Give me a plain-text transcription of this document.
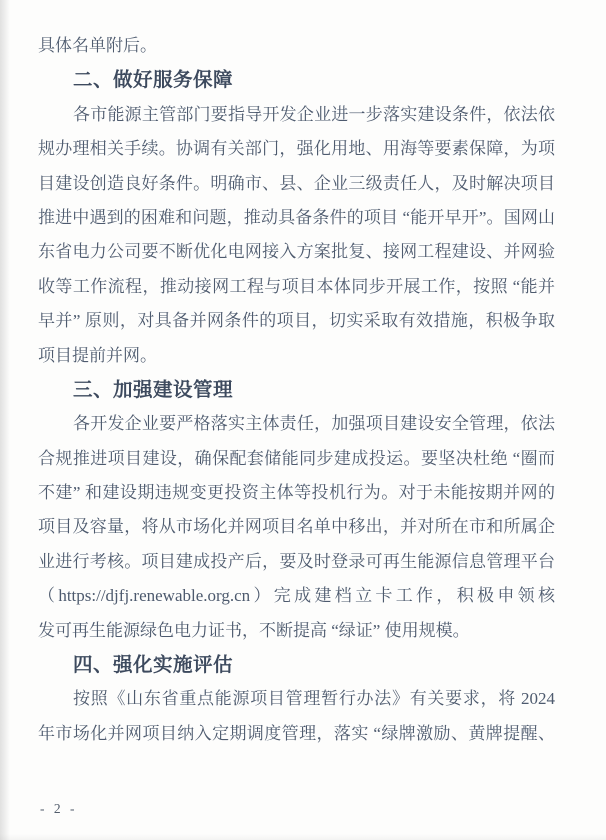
具体名单附后。
二、做好服务保障
各市能源主管部门要指导开发企业进一步落实建设条件，依法依
规办理相关手续。协调有关部门，强化用地、用海等要素保障，为项
目建设创造良好条件。明确市、县、企业三级责任人，及时解决项目
推进中遇到的困难和问题，推动具备条件的项目 “能开早开”。国网山
东省电力公司要不断优化电网接入方案批复、接网工程建设、并网验
收等工作流程，推动接网工程与项目本体同步开展工作，按照 “能并
早并” 原则，对具备并网条件的项目，切实采取有效措施，积极争取
项目提前并网。
三、加强建设管理
各开发企业要严格落实主体责任，加强项目建设安全管理，依法
合规推进项目建设，确保配套储能同步建成投运。要坚决杜绝 “圈而
不建” 和建设期违规变更投资主体等投机行为。对于未能按期并网的
项目及容量，将从市场化并网项目名单中移出，并对所在市和所属企
业进行考核。项目建成投产后，要及时登录可再生能源信息管理平台
（https://djfj.renewable.org.cn）完成建档立卡工作，积极申领核
发可再生能源绿色电力证书，不断提高 “绿证” 使用规模。
四、强化实施评估
按照《山东省重点能源项目管理暂行办法》有关要求，将 2024
年市场化并网项目纳入定期调度管理，落实 “绿牌激励、黄牌提醒、
- 2 -
